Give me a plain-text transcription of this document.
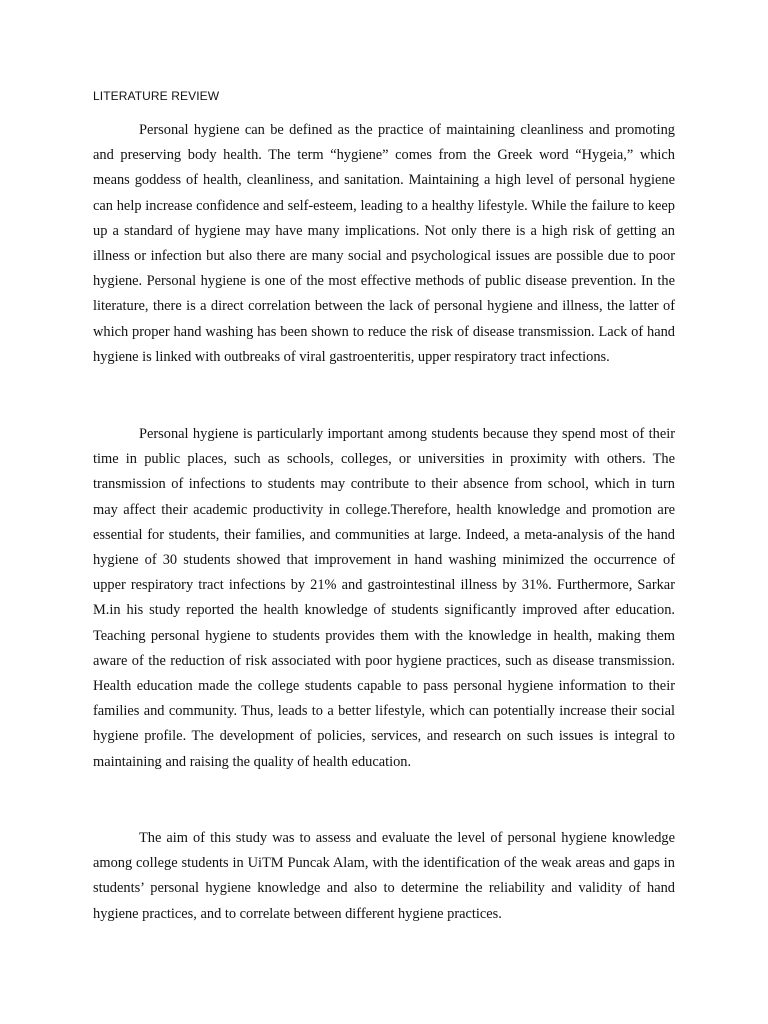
LITERATURE REVIEW

Personal hygiene can be defined as the practice of maintaining cleanliness and promoting and preserving body health. The term “hygiene” comes from the Greek word “Hygeia,” which means goddess of health, cleanliness, and sanitation. Maintaining a high level of personal hygiene can help increase confidence and self-esteem, leading to a healthy lifestyle. While the failure to keep up a standard of hygiene may have many implications. Not only there is a high risk of getting an illness or infection but also there are many social and psychological issues are possible due to poor hygiene. Personal hygiene is one of the most effective methods of public disease prevention. In the literature, there is a direct correlation between the lack of personal hygiene and illness, the latter of which proper hand washing has been shown to reduce the risk of disease transmission. Lack of hand hygiene is linked with outbreaks of viral gastroenteritis, upper respiratory tract infections.

Personal hygiene is particularly important among students because they spend most of their time in public places, such as schools, colleges, or universities in proximity with others. The transmission of infections to students may contribute to their absence from school, which in turn may affect their academic productivity in college.Therefore, health knowledge and promotion are essential for students, their families, and communities at large. Indeed, a meta-analysis of the hand hygiene of 30 students showed that improvement in hand washing minimized the occurrence of upper respiratory tract infections by 21% and gastrointestinal illness by 31%. Furthermore, Sarkar M.in his study reported the health knowledge of students significantly improved after education. Teaching personal hygiene to students provides them with the knowledge in health, making them aware of the reduction of risk associated with poor hygiene practices, such as disease transmission. Health education made the college students capable to pass personal hygiene information to their families and community. Thus, leads to a better lifestyle, which can potentially increase their social hygiene profile. The development of policies, services, and research on such issues is integral to maintaining and raising the quality of health education.

The aim of this study was to assess and evaluate the level of personal hygiene knowledge among college students in UiTM Puncak Alam, with the identification of the weak areas and gaps in students’ personal hygiene knowledge and also to determine the reliability and validity of hand hygiene practices, and to correlate between different hygiene practices.
